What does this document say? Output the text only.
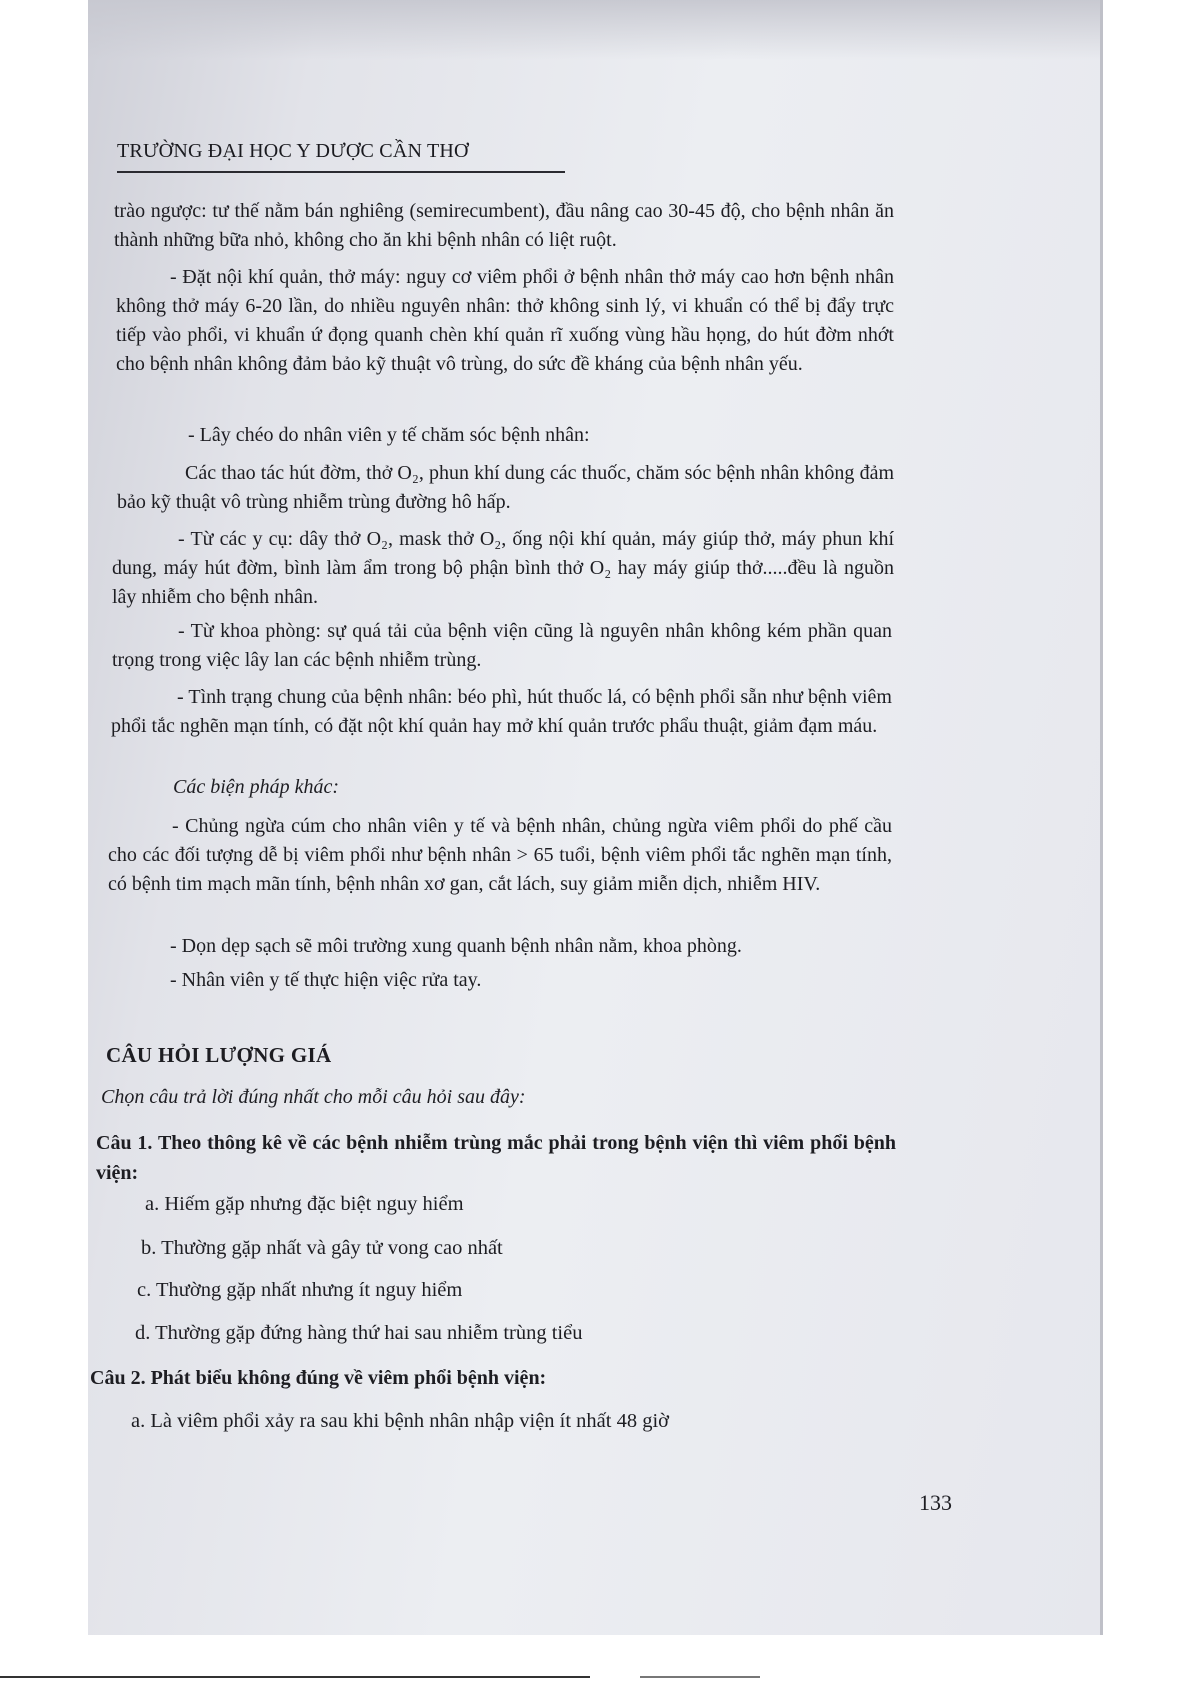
TRƯỜNG ĐẠI HỌC Y DƯỢC CẦN THƠ

trào ngược: tư thế nằm bán nghiêng (semirecumbent), đầu nâng cao 30-45 độ, cho bệnh nhân ăn thành những bữa nhỏ, không cho ăn khi bệnh nhân có liệt ruột.

- Đặt nội khí quản, thở máy: nguy cơ viêm phổi ở bệnh nhân thở máy cao hơn bệnh nhân không thở máy 6-20 lần, do nhiều nguyên nhân: thở không sinh lý, vi khuẩn có thể bị đẩy trực tiếp vào phổi, vi khuẩn ứ đọng quanh chèn khí quản rĩ xuống vùng hầu họng, do hút đờm nhớt cho bệnh nhân không đảm bảo kỹ thuật vô trùng, do sức đề kháng của bệnh nhân yếu.

- Lây chéo do nhân viên y tế chăm sóc bệnh nhân:

Các thao tác hút đờm, thở O₂, phun khí dung các thuốc, chăm sóc bệnh nhân không đảm bảo kỹ thuật vô trùng nhiễm trùng đường hô hấp.

- Từ các y cụ: dây thở O₂, mask thở O₂, ống nội khí quản, máy giúp thở, máy phun khí dung, máy hút đờm, bình làm ẩm trong bộ phận bình thở O₂ hay máy giúp thở.....đều là nguồn lây nhiễm cho bệnh nhân.

- Từ khoa phòng: sự quá tải của bệnh viện cũng là nguyên nhân không kém phần quan trọng trong việc lây lan các bệnh nhiễm trùng.

- Tình trạng chung của bệnh nhân: béo phì, hút thuốc lá, có bệnh phổi sẵn như bệnh viêm phổi tắc nghẽn mạn tính, có đặt nột khí quản hay mở khí quản trước phẩu thuật, giảm đạm máu.

Các biện pháp khác:

- Chủng ngừa cúm cho nhân viên y tế và bệnh nhân, chủng ngừa viêm phổi do phế cầu cho các đối tượng dễ bị viêm phổi như bệnh nhân > 65 tuổi, bệnh viêm phổi tắc nghẽn mạn tính, có bệnh tim mạch mãn tính, bệnh nhân xơ gan, cắt lách, suy giảm miễn dịch, nhiễm HIV.

- Dọn dẹp sạch sẽ môi trường xung quanh bệnh nhân nằm, khoa phòng.

- Nhân viên y tế thực hiện việc rửa tay.

CÂU HỎI LƯỢNG GIÁ

Chọn câu trả lời đúng nhất cho mỗi câu hỏi sau đây:

Câu 1. Theo thông kê về các bệnh nhiễm trùng mắc phải trong bệnh viện thì viêm phổi bệnh viện:

a. Hiếm gặp nhưng đặc biệt nguy hiểm

b. Thường gặp nhất và gây tử vong cao nhất

c. Thường gặp nhất nhưng ít nguy hiểm

d. Thường gặp đứng hàng thứ hai sau nhiễm trùng tiểu

Câu 2. Phát biểu không đúng về viêm phổi bệnh viện:

a. Là viêm phổi xảy ra sau khi bệnh nhân nhập viện ít nhất 48 giờ

133
